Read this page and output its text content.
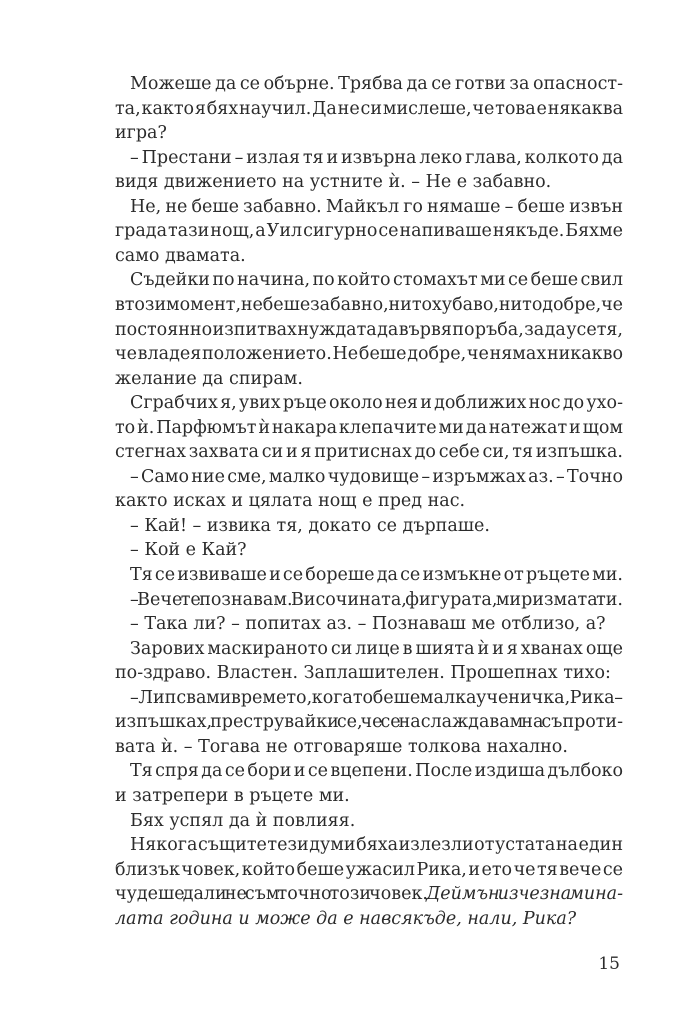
Можеше да се обърне. Трябва да се готви за опасност-
та, както я бях научил. Да не си мислеше, че това е някаква
игра?
– Престани – излая тя и извърна леко глава, колкото да
видя движението на устните ѝ. – Не е забавно.
Не, не беше забавно. Майкъл го нямаше – беше извън
града тази нощ, а Уил сигурно се напиваше някъде. Бяхме
само двамата.
Съдейки по начина, по който стомахът ми се беше свил
в този момент, не беше забавно, нито хубаво, нито добре, че
постоянно изпитвах нуждата да вървя по ръба, за да усетя,
че владея положението. Не беше добре, че нямах никакво
желание да спирам.
Сграбчих я, увих ръце около нея и доближих нос до ухо-
то ѝ. Парфюмът ѝ накара клепачите ми да натежат и щом
стегнах захвата си и я притиснах до себе си, тя изпъшка.
– Само ние сме, малко чудовище – изръмжах аз. – Точно
както исках и цялата нощ е пред нас.
– Кай! – извика тя, докато се дърпаше.
– Кой е Кай?
Тя се извиваше и се бореше да се измъкне от ръцете ми.
– Вече те познавам. Височината, фигурата, миризмата ти.
– Така ли? – попитах аз. – Познаваш ме отблизо, а?
Зарових маскираното си лице в шията ѝ и я хванах още
по-здраво. Властен. Заплашителен. Прошепнах тихо:
– Липсва ми времето, когато беше малка ученичка, Рика –
изпъшках, преструвайки се, че се наслаждавам на съпроти-
вата ѝ. – Тогава не отговаряше толкова нахално.
Тя спря да се бори и се вцепени. После издиша дълбоко
и затрепери в ръцете ми.
Бях успял да ѝ повлияя.
Някога същите тези думи бяха излезли от устата на един
близък човек, който беше ужасил Рика, и ето че тя вече се
чудеше дали не съм точно този човек. Деймън изчезна мина-
лата година и може да е навсякъде, нали, Рика?
15
